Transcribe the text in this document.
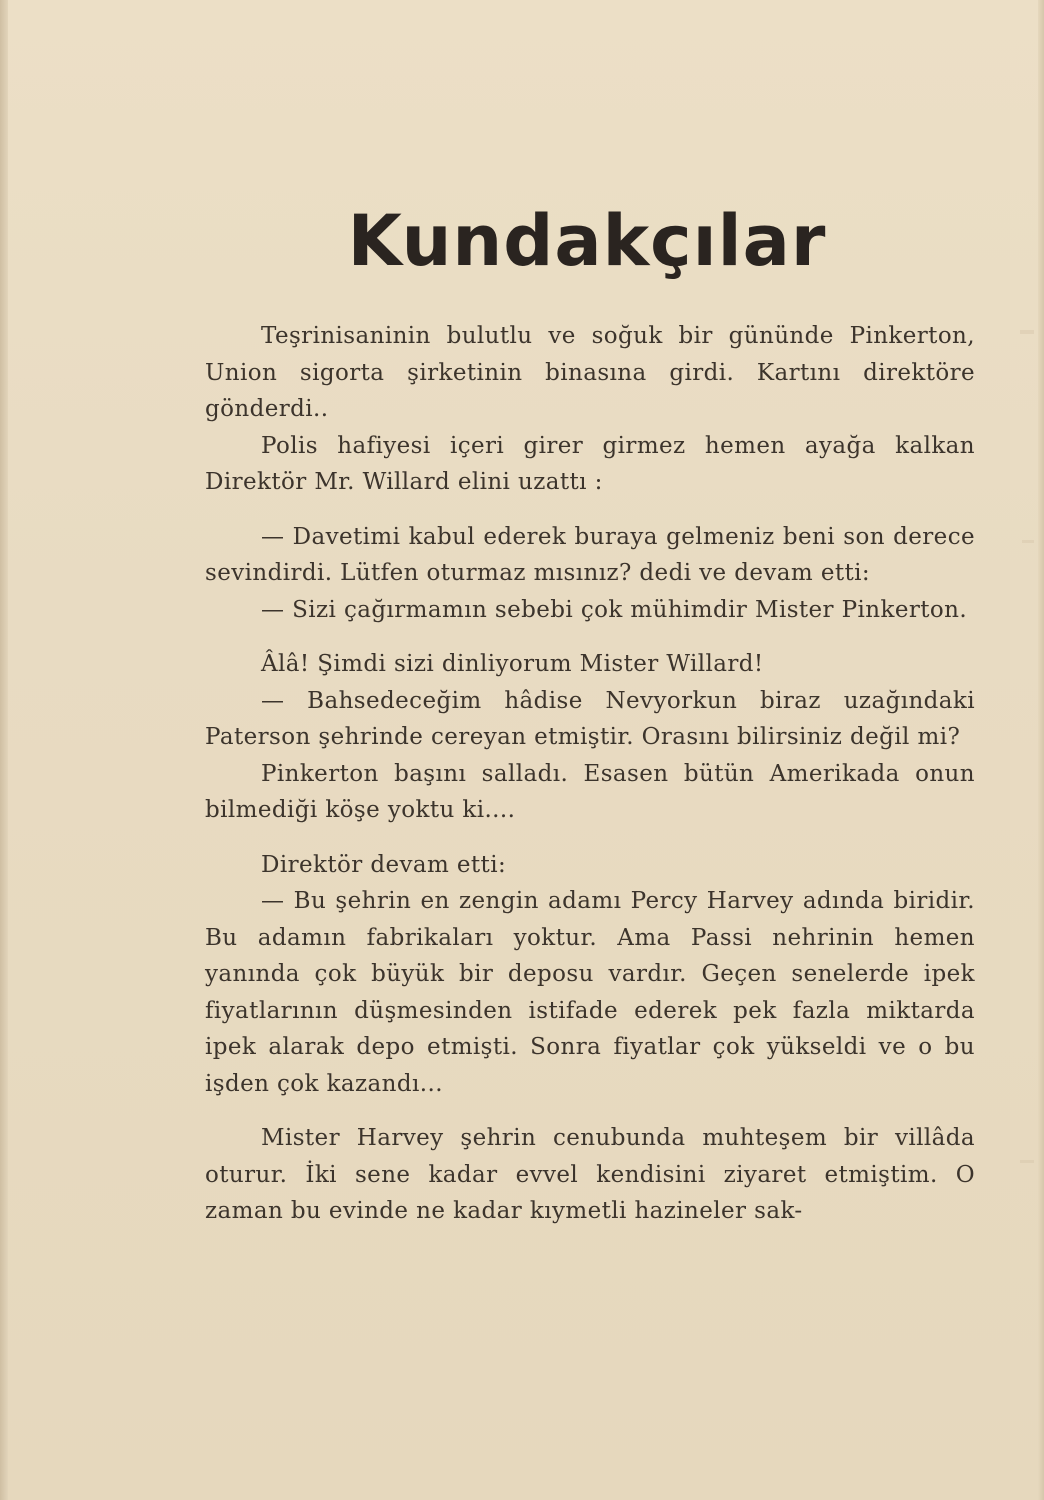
Kundakçılar

Teşrinisaninin bulutlu ve soğuk bir gününde Pinkerton, Union sigorta şirketinin binasına girdi. Kartını direktöre gönderdi..

Polis hafiyesi içeri girer girmez hemen ayağa kalkan Direktör Mr. Willard elini uzattı :

— Davetimi kabul ederek buraya gelmeniz beni son derece sevindirdi. Lütfen oturmaz mısınız? dedi ve devam etti:

— Sizi çağırmamın sebebi çok mühimdir Mister Pinkerton.

Âlâ! Şimdi sizi dinliyorum Mister Willard!

— Bahsedeceğim hâdise Nevyorkun biraz uzağındaki Paterson şehrinde cereyan etmiştir. Orasını bilirsiniz değil mi?

Pinkerton başını salladı. Esasen bütün Amerikada onun bilmediği köşe yoktu ki....

Direktör devam etti:

— Bu şehrin en zengin adamı Percy Harvey adında biridir. Bu adamın fabrikaları yoktur. Ama Passi nehrinin hemen yanında çok büyük bir deposu vardır. Geçen senelerde ipek fiyatlarının düşmesinden istifade ederek pek fazla miktarda ipek alarak depo etmişti. Sonra fiyatlar çok yükseldi ve o bu işden çok kazandı...

Mister Harvey şehrin cenubunda muhteşem bir villâda oturur. İki sene kadar evvel kendisini ziyaret etmiştim. O zaman bu evinde ne kadar kıymetli hazineler sak-
